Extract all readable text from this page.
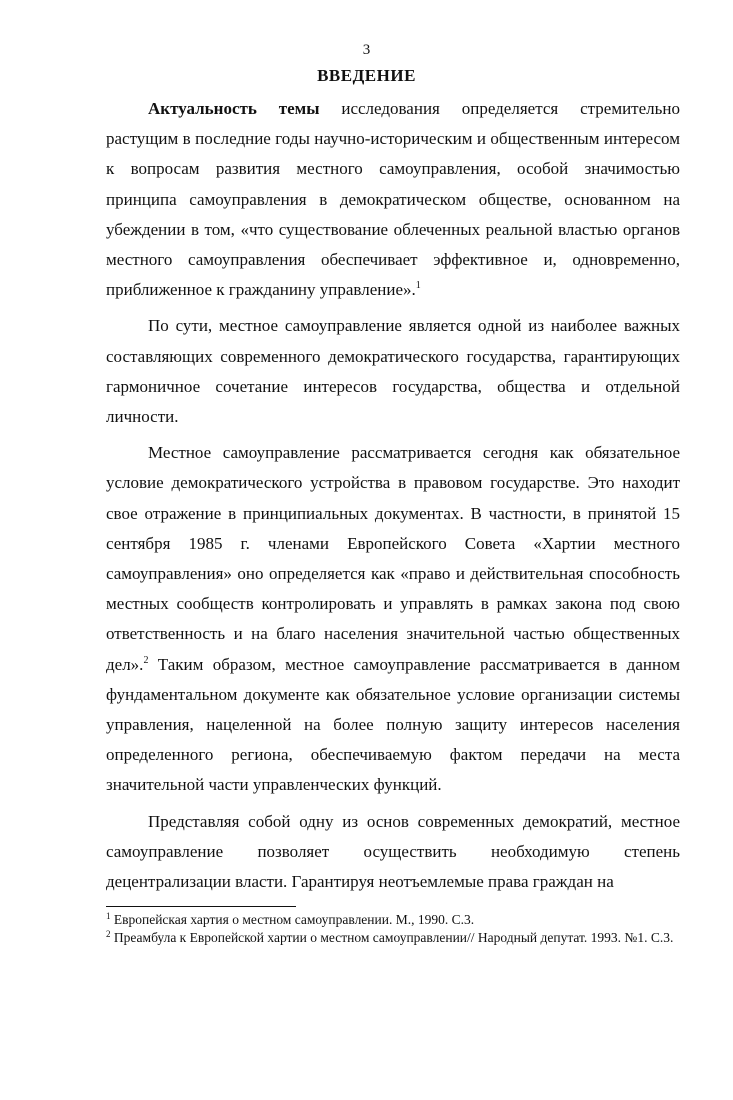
3
ВВЕДЕНИЕ

Актуальность темы исследования определяется стремительно растущим в последние годы научно-историческим и общественным интересом к вопросам развития местного самоуправления, особой значимостью принципа самоуправления в демократическом обществе, основанном на убеждении в том, «что существование облеченных реальной властью органов местного самоуправления обеспечивает эффективное и, одновременно, приближенное к гражданину управление».$^1$

По сути, местное самоуправление является одной из наиболее важных составляющих современного демократического государства, гарантирующих гармоничное сочетание интересов государства, общества и отдельной личности.

Местное самоуправление рассматривается сегодня как обязательное условие демократического устройства в правовом государстве. Это находит свое отражение в принципиальных документах. В частности, в принятой 15 сентября 1985 г. членами Европейского Совета «Хартии местного самоуправления» оно определяется как «право и действительная способность местных сообществ контролировать и управлять в рамках закона под свою ответственность и на благо населения значительной частью общественных дел».$^2$ Таким образом, местное самоуправление рассматривается в данном фундаментальном документе как обязательное условие организации системы управления, нацеленной на более полную защиту интересов населения определенного региона, обеспечиваемую фактом передачи на места значительной части управленческих функций.

Представляя собой одну из основ современных демократий, местное самоуправление позволяет осуществить необходимую степень децентрализации власти. Гарантируя неотъемлемые права граждан на

$^1$ Европейская хартия о местном самоуправлении. М., 1990. С.3.

$^2$ Преамбула к Европейской хартии о местном самоуправлении// Народный депутат. 1993. №1. С.3.
